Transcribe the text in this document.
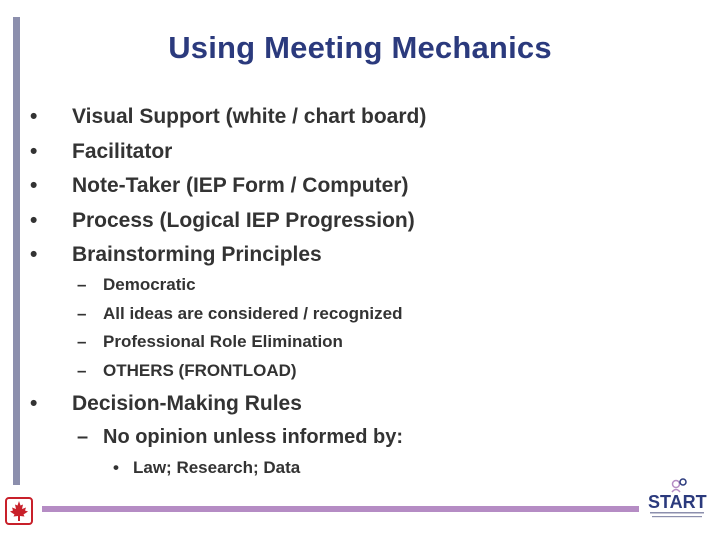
Using Meeting Mechanics
• Visual Support (white / chart board)
• Facilitator
• Note-Taker (IEP Form / Computer)
• Process (Logical IEP Progression)
• Brainstorming Principles
– Democratic
– All ideas are considered / recognized
– Professional Role Elimination
– OTHERS (FRONTLOAD)
• Decision-Making Rules
– No opinion unless informed by:
• Law; Research; Data
START
